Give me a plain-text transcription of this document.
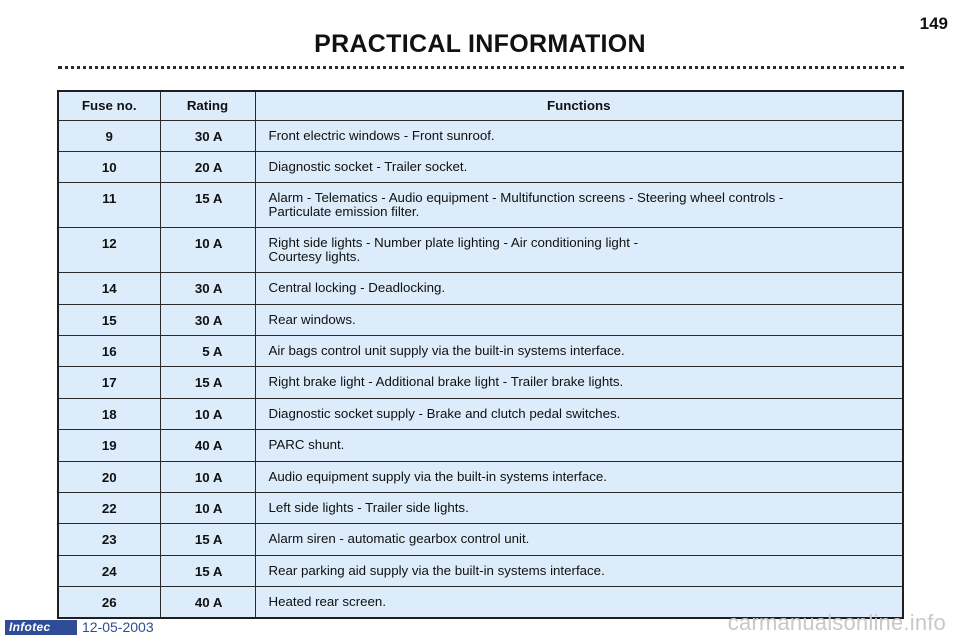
149
PRACTICAL INFORMATION
Fuse no.	Rating	Functions
9	30 A	Front electric windows - Front sunroof.
10	20 A	Diagnostic socket - Trailer socket.
11	15 A	Alarm - Telematics - Audio equipment - Multifunction screens - Steering wheel controls -
Particulate emission filter.
12	10 A	Right side lights - Number plate lighting - Air conditioning light -
Courtesy lights.
14	30 A	Central locking - Deadlocking.
15	30 A	Rear windows.
16	5 A	Air bags control unit supply via the built-in systems interface.
17	15 A	Right brake light - Additional brake light - Trailer brake lights.
18	10 A	Diagnostic socket supply - Brake and clutch pedal switches.
19	40 A	PARC shunt.
20	10 A	Audio equipment supply via the built-in systems interface.
22	10 A	Left side lights - Trailer side lights.
23	15 A	Alarm siren - automatic gearbox control unit.
24	15 A	Rear parking aid supply via the built-in systems interface.
26	40 A	Heated rear screen.
Infotec	12-05-2003	carmanualsonline.info
